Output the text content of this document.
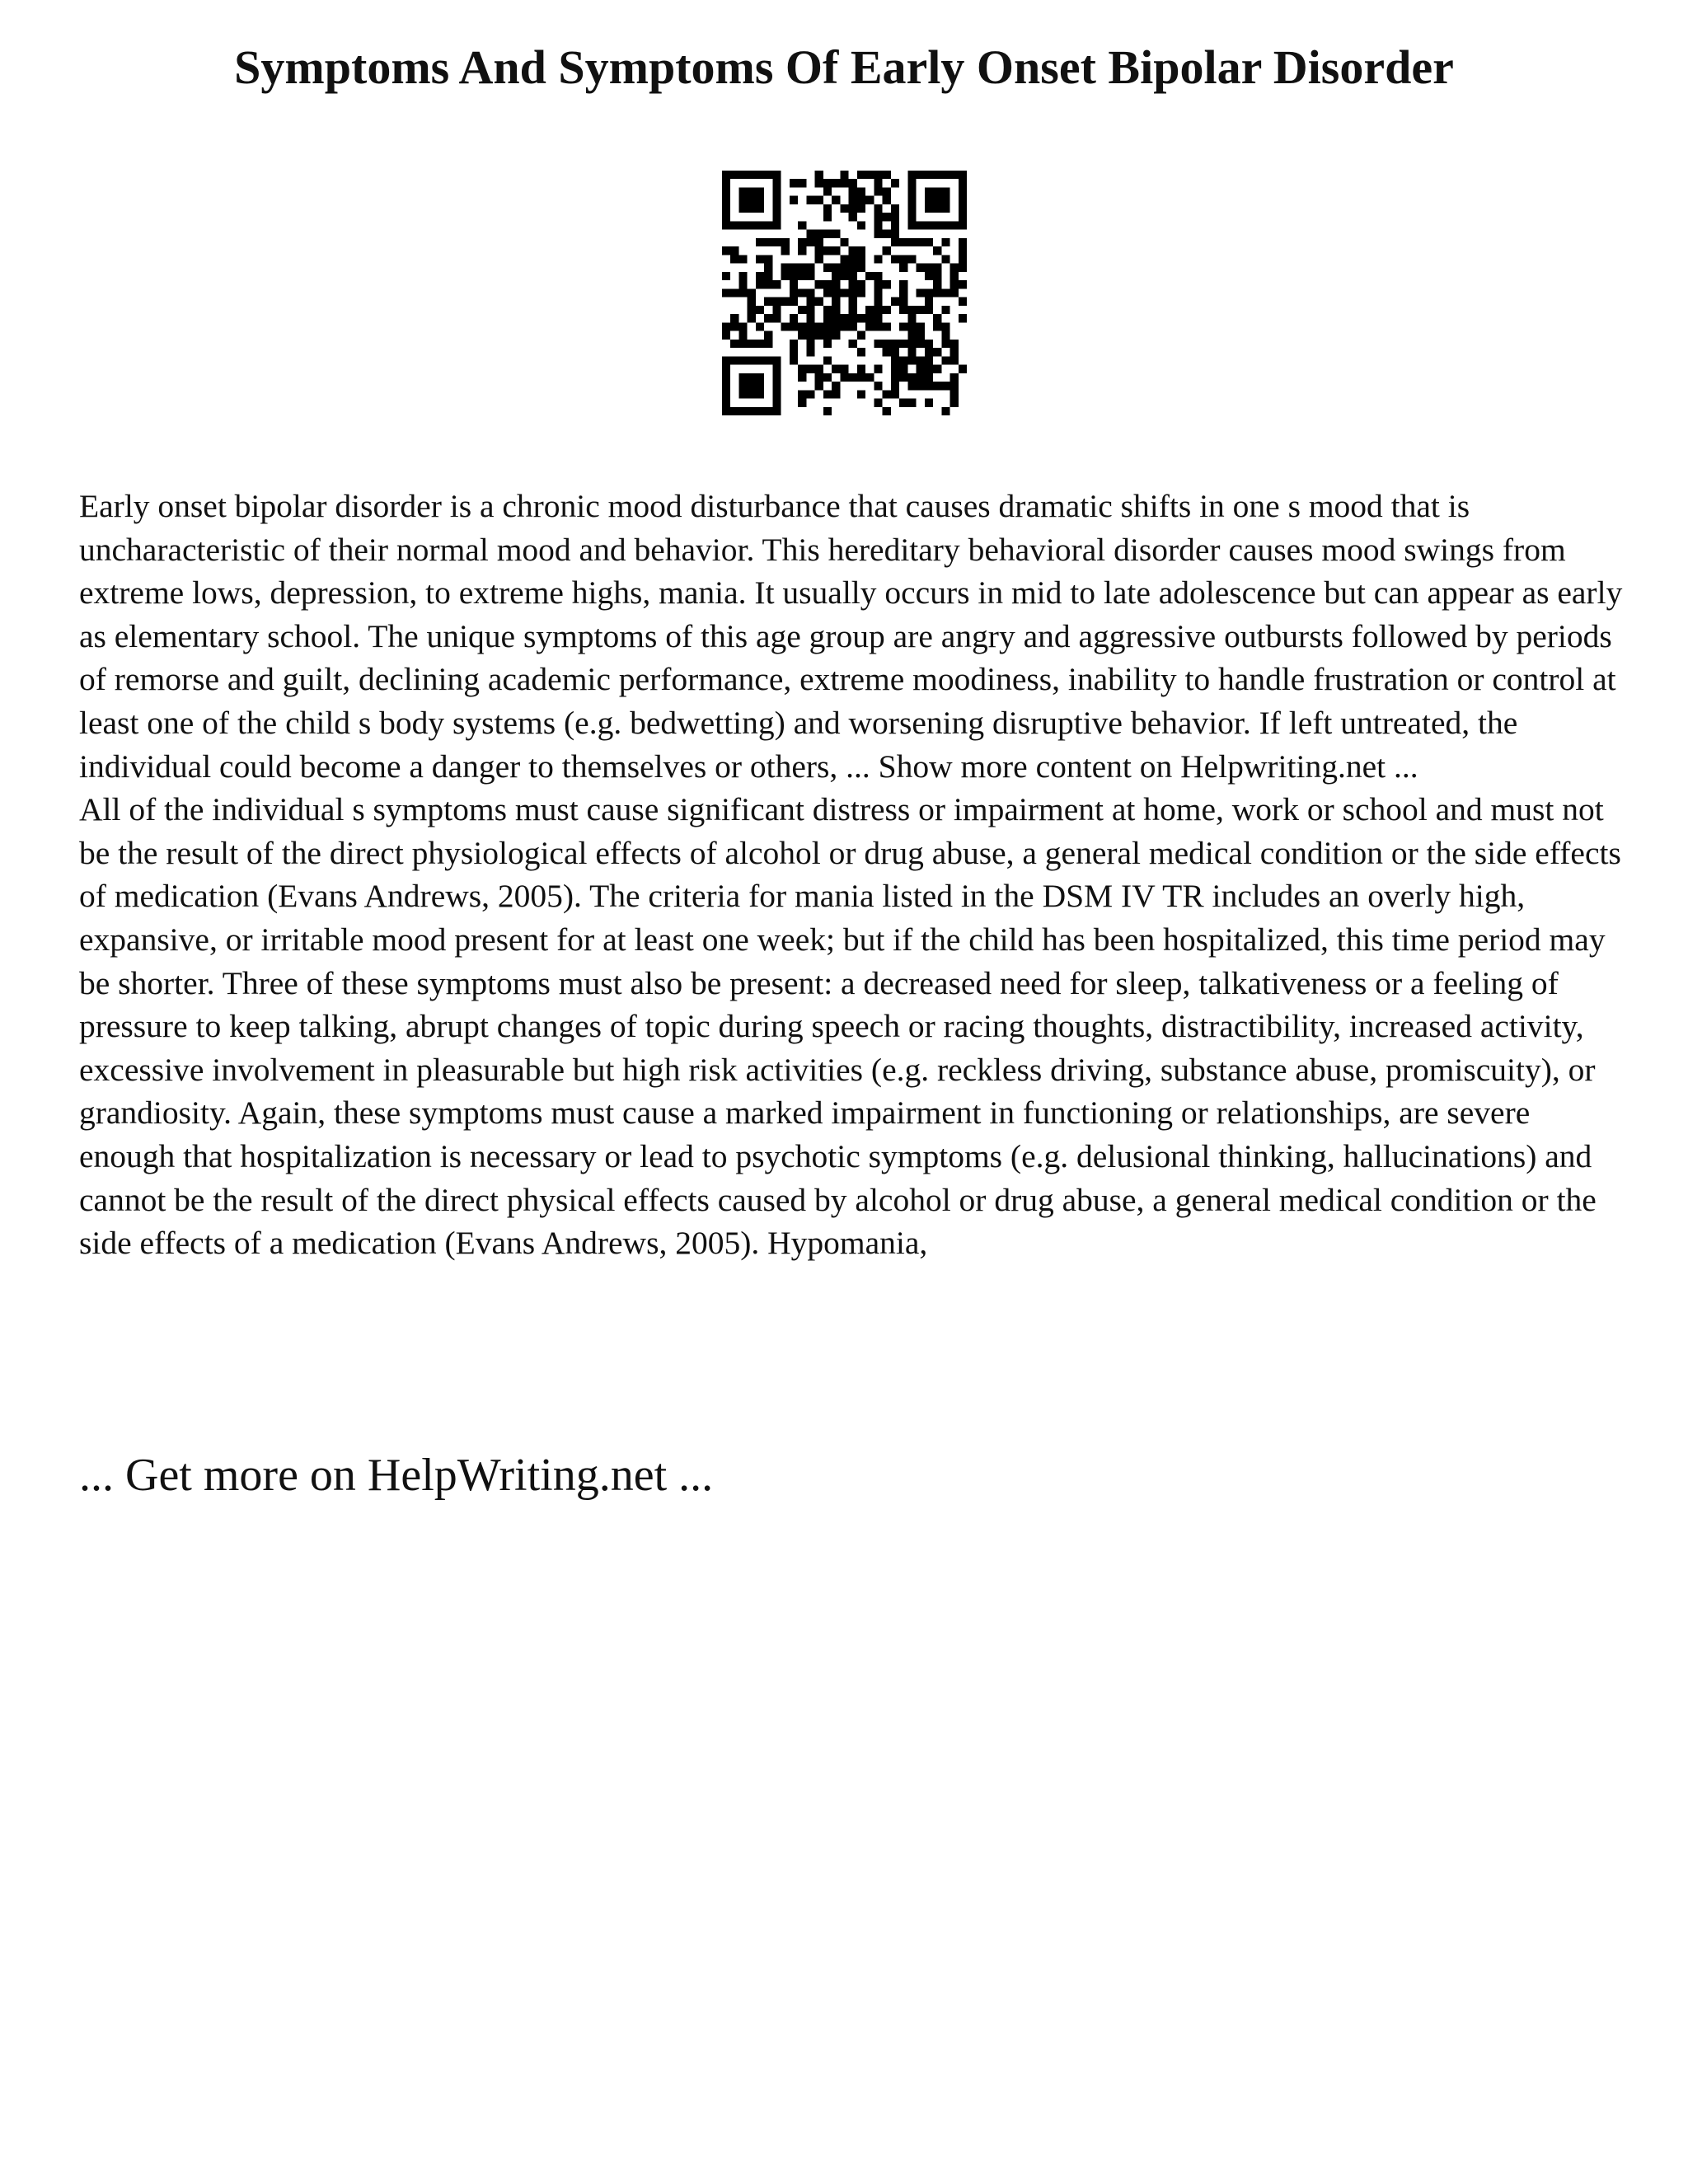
Symptoms And Symptoms Of Early Onset Bipolar Disorder

Early onset bipolar disorder is a chronic mood disturbance that causes dramatic shifts in one s mood that is uncharacteristic of their normal mood and behavior. This hereditary behavioral disorder causes mood swings from extreme lows, depression, to extreme highs, mania. It usually occurs in mid to late adolescence but can appear as early as elementary school. The unique symptoms of this age group are angry and aggressive outbursts followed by periods of remorse and guilt, declining academic performance, extreme moodiness, inability to handle frustration or control at least one of the child s body systems (e.g. bedwetting) and worsening disruptive behavior. If left untreated, the individual could become a danger to themselves or others, ... Show more content on Helpwriting.net ...

All of the individual s symptoms must cause significant distress or impairment at home, work or school and must not be the result of the direct physiological effects of alcohol or drug abuse, a general medical condition or the side effects of medication (Evans Andrews, 2005). The criteria for mania listed in the DSM IV TR includes an overly high, expansive, or irritable mood present for at least one week; but if the child has been hospitalized, this time period may be shorter. Three of these symptoms must also be present: a decreased need for sleep, talkativeness or a feeling of pressure to keep talking, abrupt changes of topic during speech or racing thoughts, distractibility, increased activity, excessive involvement in pleasurable but high risk activities (e.g. reckless driving, substance abuse, promiscuity), or grandiosity. Again, these symptoms must cause a marked impairment in functioning or relationships, are severe enough that hospitalization is necessary or lead to psychotic symptoms (e.g. delusional thinking, hallucinations) and cannot be the result of the direct physical effects caused by alcohol or drug abuse, a general medical condition or the side effects of a medication (Evans Andrews, 2005). Hypomania,

... Get more on HelpWriting.net ...
